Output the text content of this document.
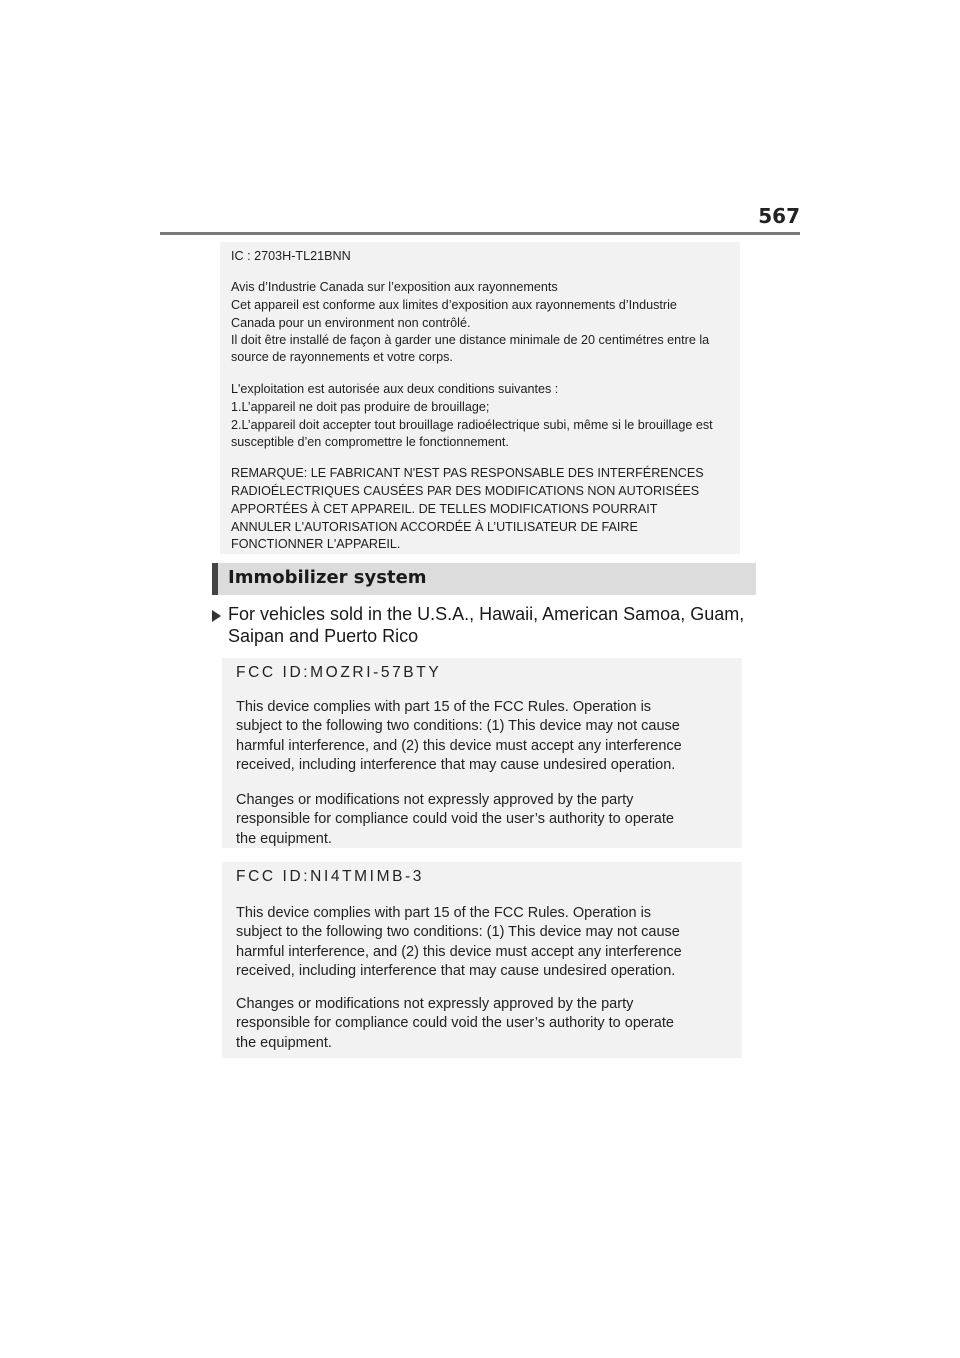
567
IC : 2703H-TL21BNN
Avis d’Industrie Canada sur l’exposition aux rayonnements
Cet appareil est conforme aux limites d’exposition aux rayonnements d’Industrie
Canada pour un environment non contrôlé.
Il doit être installé de façon à garder une distance minimale de 20 centimétres entre la
source de rayonnements et votre corps.
L'exploitation est autorisée aux deux conditions suivantes :
1.L’appareil ne doit pas produire de brouillage;
2.L’appareil doit accepter tout brouillage radioélectrique subi, même si le brouillage est
susceptible d’en compromettre le fonctionnement.
REMARQUE: LE FABRICANT N'EST PAS RESPONSABLE DES INTERFÉRENCES
RADIOÉLECTRIQUES CAUSÉES PAR DES MODIFICATIONS NON AUTORISÉES
APPORTÉES À CET APPAREIL. DE TELLES MODIFICATIONS POURRAIT
ANNULER L'AUTORISATION ACCORDÉE À L’UTILISATEUR DE FAIRE
FONCTIONNER L'APPAREIL.
Immobilizer system
For vehicles sold in the U.S.A., Hawaii, American Samoa, Guam,
Saipan and Puerto Rico
FCC ID:MOZRI-57BTY
This device complies with part 15 of the FCC Rules. Operation is
subject to the following two conditions: (1) This device may not cause
harmful interference, and (2) this device must accept any interference
received, including interference that may cause undesired operation.
Changes or modifications not expressly approved by the party
responsible for compliance could void the user’s authority to operate
the equipment.
FCC ID:NI4TMIMB-3
This device complies with part 15 of the FCC Rules. Operation is
subject to the following two conditions: (1) This device may not cause
harmful interference, and (2) this device must accept any interference
received, including interference that may cause undesired operation.
Changes or modifications not expressly approved by the party
responsible for compliance could void the user’s authority to operate
the equipment.
